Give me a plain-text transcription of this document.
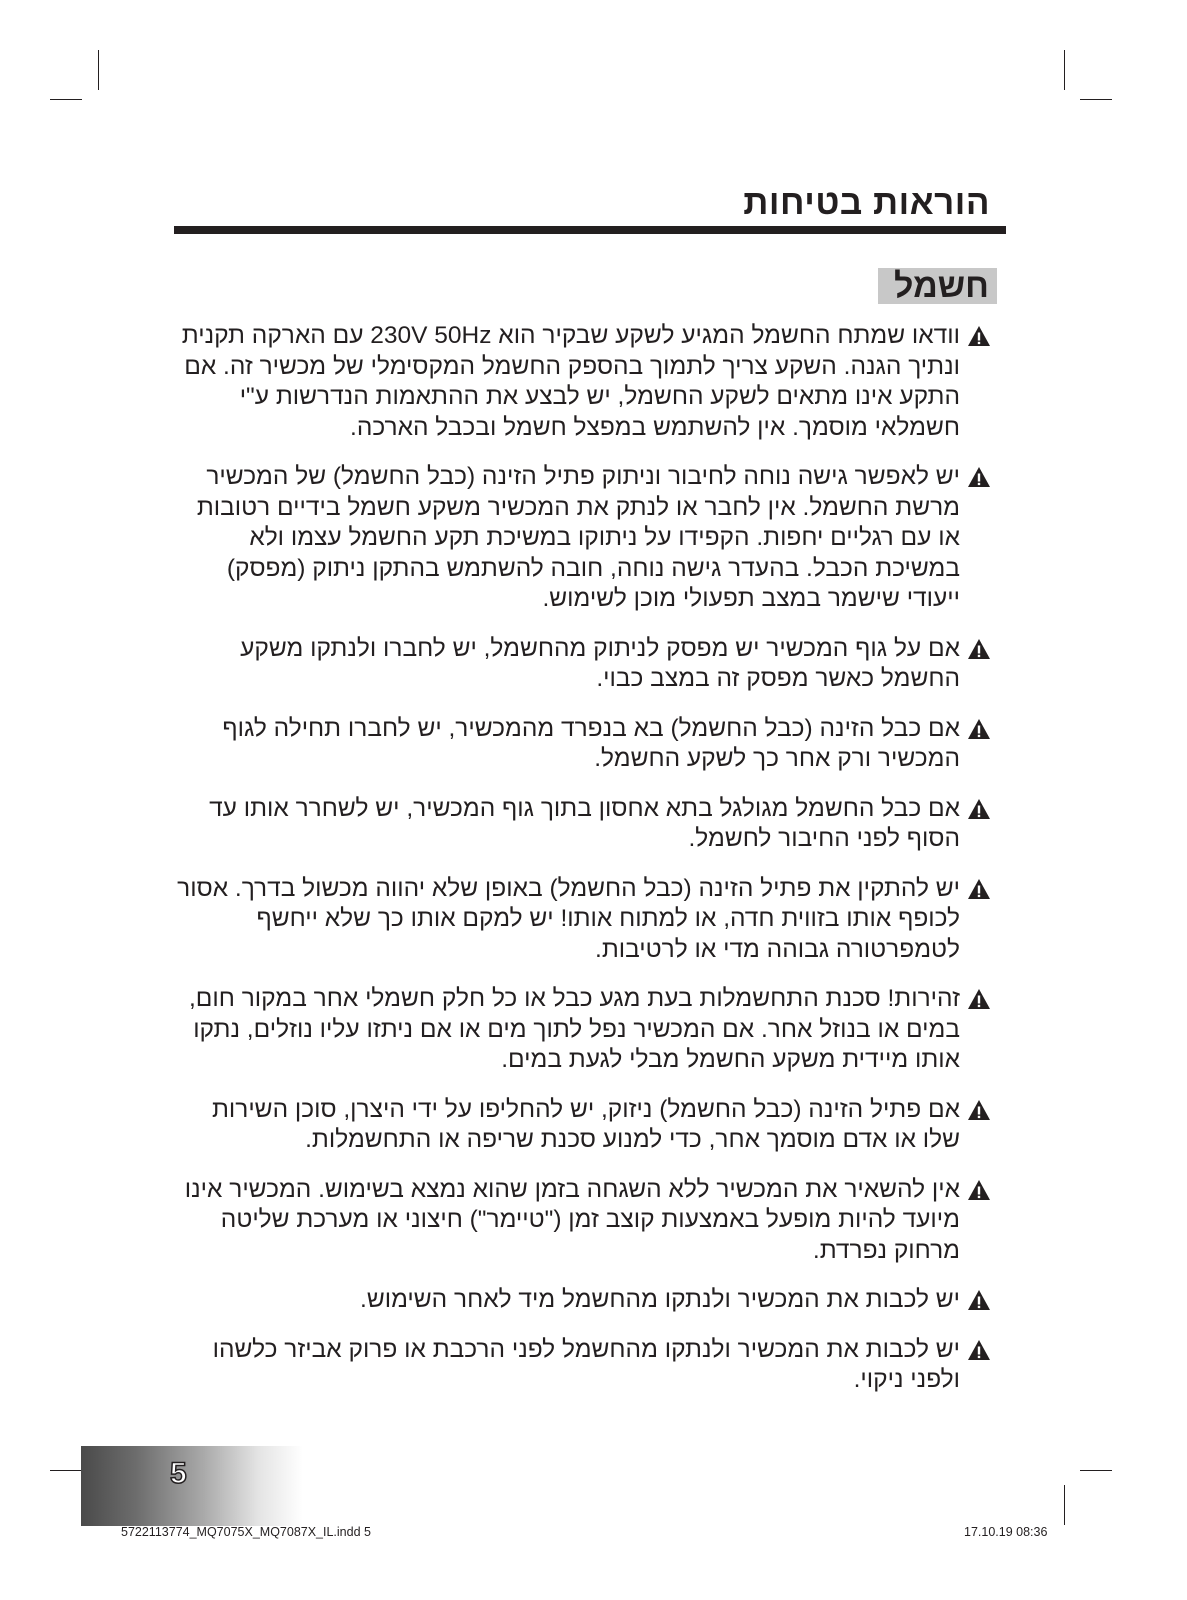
הוראות בטיחות
חשמל
וודאו שמתח החשמל המגיע לשקע שבקיר הוא 230V 50Hz עם הארקה תקנית ונתיך הגנה. השקע צריך לתמוך בהספק החשמל המקסימלי של מכשיר זה. אם התקע אינו מתאים לשקע החשמל, יש לבצע את ההתאמות הנדרשות ע"י חשמלאי מוסמך. אין להשתמש במפצל חשמל ובכבל הארכה.
יש לאפשר גישה נוחה לחיבור וניתוק פתיל הזינה (כבל החשמל) של המכשיר מרשת החשמל. אין לחבר או לנתק את המכשיר משקע חשמל בידיים רטובות או עם רגליים יחפות. הקפידו על ניתוקו במשיכת תקע החשמל עצמו ולא במשיכת הכבל. בהעדר גישה נוחה, חובה להשתמש בהתקן ניתוק (מפסק) ייעודי שישמר במצב תפעולי מוכן לשימוש.
אם על גוף המכשיר יש מפסק לניתוק מהחשמל, יש לחברו ולנתקו משקע החשמל כאשר מפסק זה במצב כבוי.
אם כבל הזינה (כבל החשמל) בא בנפרד מהמכשיר, יש לחברו תחילה לגוף המכשיר ורק אחר כך לשקע החשמל.
אם כבל החשמל מגולגל בתא אחסון בתוך גוף המכשיר, יש לשחרר אותו עד הסוף לפני החיבור לחשמל.
יש להתקין את פתיל הזינה (כבל החשמל) באופן שלא יהווה מכשול בדרך. אסור לכופף אותו בזווית חדה, או למתוח אותו! יש למקם אותו כך שלא ייחשף לטמפרטורה גבוהה מדי או לרטיבות.
זהירות! סכנת התחשמלות בעת מגע כבל או כל חלק חשמלי אחר במקור חום, במים או בנוזל אחר. אם המכשיר נפל לתוך מים או אם ניתזו עליו נוזלים, נתקו אותו מיידית משקע החשמל מבלי לגעת במים.
אם פתיל הזינה (כבל החשמל) ניזוק, יש להחליפו על ידי היצרן, סוכן השירות שלו או אדם מוסמך אחר, כדי למנוע סכנת שריפה או התחשמלות.
אין להשאיר את המכשיר ללא השגחה בזמן שהוא נמצא בשימוש. המכשיר אינו מיועד להיות מופעל באמצעות קוצב זמן ("טיימר") חיצוני או מערכת שליטה מרחוק נפרדת.
יש לכבות את המכשיר ולנתקו מהחשמל מיד לאחר השימוש.
יש לכבות את המכשיר ולנתקו מהחשמל לפני הרכבת או פרוק אביזר כלשהו ולפני ניקוי.
5
5722113774_MQ7075X_MQ7087X_IL.indd 5	17.10.19 08:36
